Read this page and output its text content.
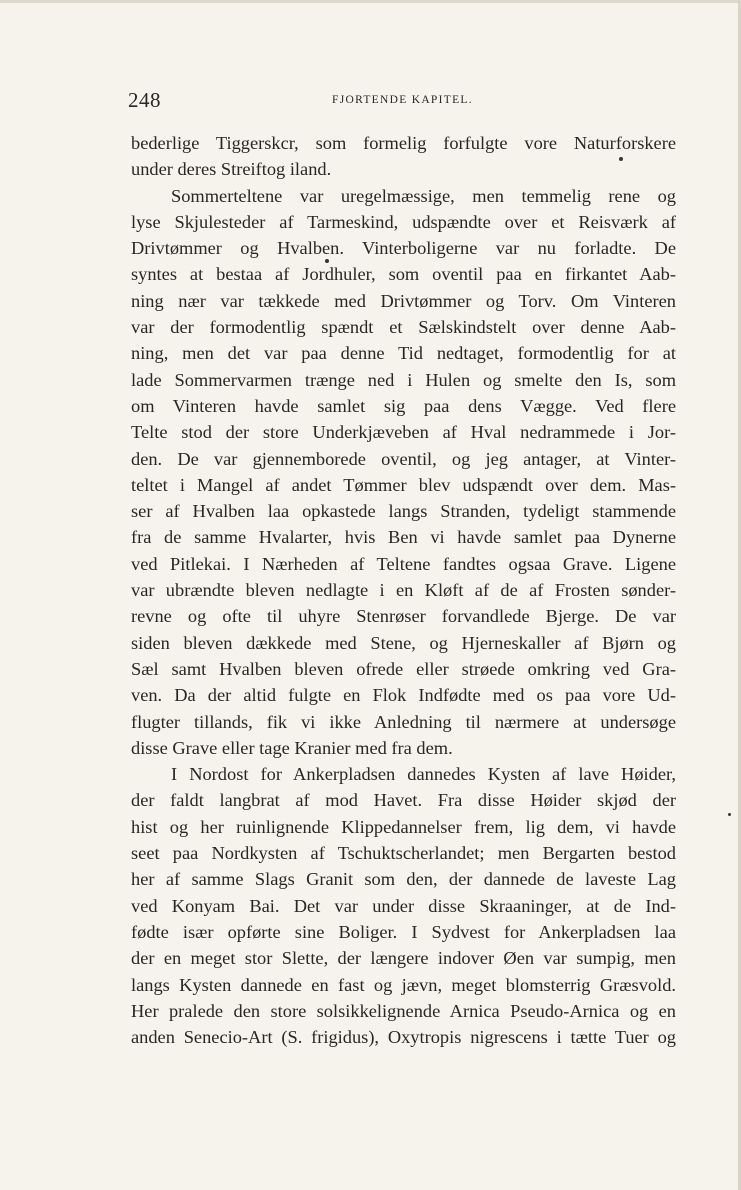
248	FJORTENDE KAPITEL.
bederlige Tiggerskcr, som formelig forfulgte vore Naturforskere
under deres Streiftog iland.
Sommerteltene var uregelmæssige, men temmelig rene og
lyse Skjulesteder af Tarmeskind, udspændte over et Reisværk af
Drivtømmer og Hvalben. Vinterboligerne var nu forladte. De
syntes at bestaa af Jordhuler, som oventil paa en firkantet Aab-
ning nær var tækkede med Drivtømmer og Torv. Om Vinteren
var der formodentlig spændt et Sælskindstelt over denne Aab-
ning, men det var paa denne Tid nedtaget, formodentlig for at
lade Sommervarmen trænge ned i Hulen og smelte den Is, som
om Vinteren havde samlet sig paa dens Vægge. Ved flere
Telte stod der store Underkjæveben af Hval nedrammede i Jor-
den. De var gjennemborede oventil, og jeg antager, at Vinter-
teltet i Mangel af andet Tømmer blev udspændt over dem. Mas-
ser af Hvalben laa opkastede langs Stranden, tydeligt stammende
fra de samme Hvalarter, hvis Ben vi havde samlet paa Dynerne
ved Pitlekai. I Nærheden af Teltene fandtes ogsaa Grave. Ligene
var ubrændte bleven nedlagte i en Kløft af de af Frosten sønder-
revne og ofte til uhyre Stenrøser forvandlede Bjerge. De var
siden bleven dækkede med Stene, og Hjerneskaller af Bjørn og
Sæl samt Hvalben bleven ofrede eller strøede omkring ved Gra-
ven. Da der altid fulgte en Flok Indfødte med os paa vore Ud-
flugter tillands, fik vi ikke Anledning til nærmere at undersøge
disse Grave eller tage Kranier med fra dem.
I Nordost for Ankerpladsen dannedes Kysten af lave Høider,
der faldt langbrat af mod Havet. Fra disse Høider skjød der
hist og her ruinlignende Klippedannelser frem, lig dem, vi havde
seet paa Nordkysten af Tschuktscherlandet; men Bergarten bestod
her af samme Slags Granit som den, der dannede de laveste Lag
ved Konyam Bai. Det var under disse Skraaninger, at de Ind-
fødte især opførte sine Boliger. I Sydvest for Ankerpladsen laa
der en meget stor Slette, der længere indover Øen var sumpig, men
langs Kysten dannede en fast og jævn, meget blomsterrig Græsvold.
Her pralede den store solsikkelignende Arnica Pseudo-Arnica og en
anden Senecio-Art (S. frigidus), Oxytropis nigrescens i tætte Tuer og
